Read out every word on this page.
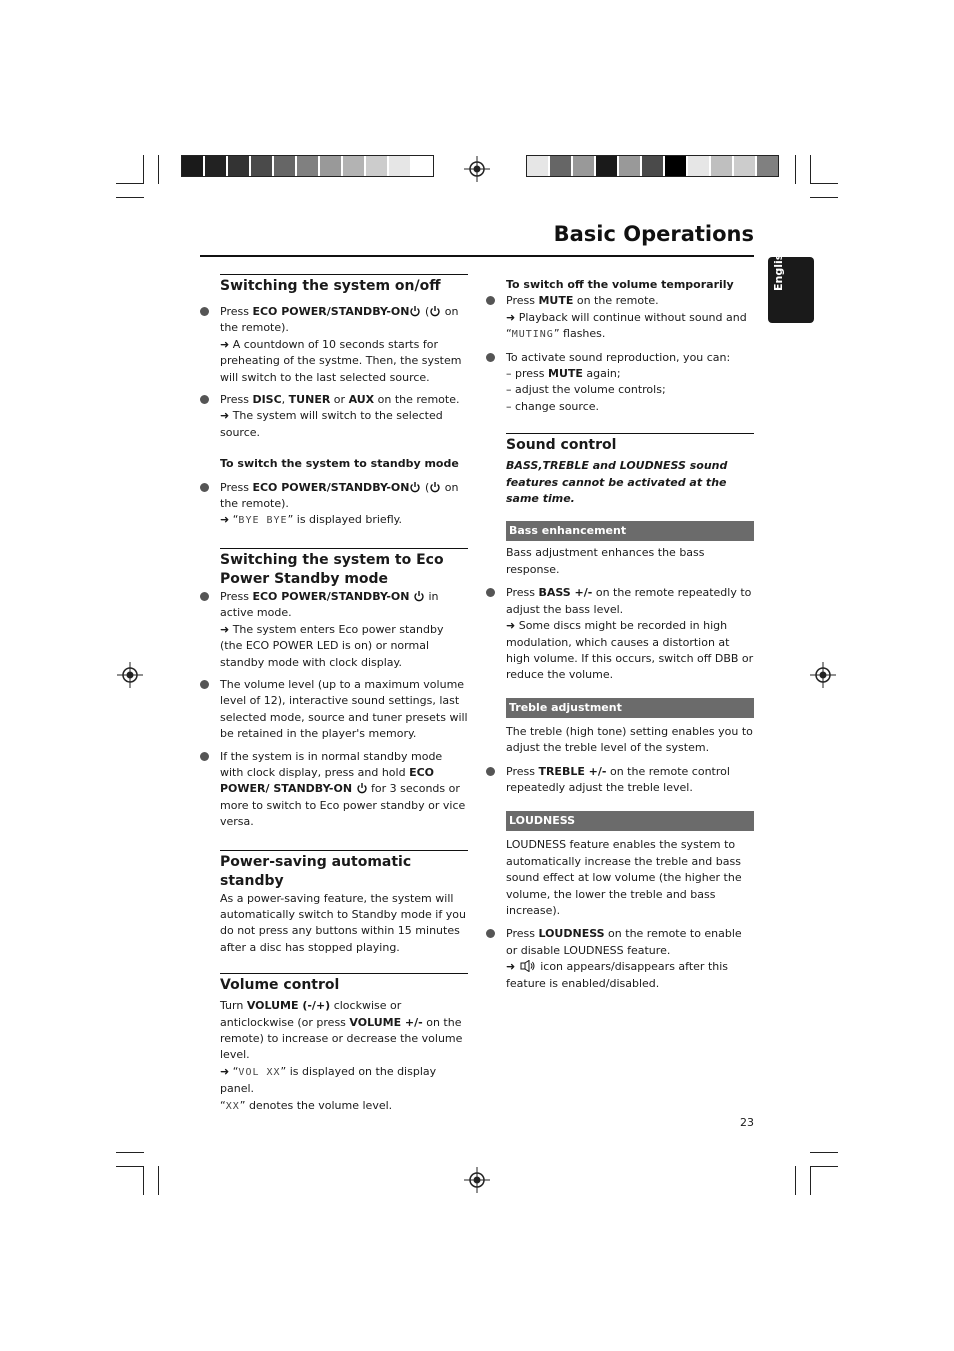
Basic Operations
English
Switching the system on/off
Press ECO POWER/STANDBY-ON ( on the remote).
➜ A countdown of 10 seconds starts for preheating of the systme. Then, the system will switch to the last selected source.
Press DISC, TUNER or AUX on the remote.
➜ The system will switch to the selected source.
To switch the system to standby mode
Press ECO POWER/STANDBY-ON ( on the remote).
➜ “BYE BYE” is displayed briefly.
Switching the system to Eco Power Standby mode
Press ECO POWER/STANDBY-ON  in active mode.
➜ The system enters Eco power standby (the ECO POWER LED is on) or normal standby mode with clock display.
The volume level (up to a maximum volume level of 12), interactive sound settings, last selected mode, source and tuner presets will be retained in the player's memory.
If the system is in normal standby mode with clock display, press and hold ECO POWER/ STANDBY-ON  for 3 seconds or more to switch to Eco power standby or vice versa.
Power-saving automatic standby
As a power-saving feature, the system will automatically switch to Standby mode if you do not press any buttons within 15 minutes after a disc has stopped playing.
Volume control
Turn VOLUME (-/+) clockwise or anticlockwise (or press VOLUME +/- on the remote) to increase or decrease the volume level.
➜ “VOL XX” is displayed on the display panel.
“XX” denotes the volume level.
To switch off the volume temporarily
Press MUTE on the remote.
➜ Playback will continue without sound and “MUTING” flashes.
To activate sound reproduction, you can:
– press MUTE again;
– adjust the volume controls;
– change source.
Sound control
BASS,TREBLE and LOUDNESS sound features cannot be activated at the same time.
Bass enhancement
Bass adjustment enhances the bass response.
Press BASS +/- on the remote repeatedly to adjust the bass level.
➜ Some discs might be recorded in high modulation, which causes a distortion at high volume. If this occurs, switch off DBB or reduce the volume.
Treble adjustment
The treble (high tone) setting enables you to adjust the treble level of the system.
Press TREBLE +/- on the remote control repeatedly adjust the treble level.
LOUDNESS
LOUDNESS feature enables the system to automatically increase the treble and bass sound effect at low volume (the higher the volume, the lower the treble and bass increase).
Press LOUDNESS on the remote to enable or disable LOUDNESS feature.
➜  icon appears/disappears after this feature is enabled/disabled.
23
